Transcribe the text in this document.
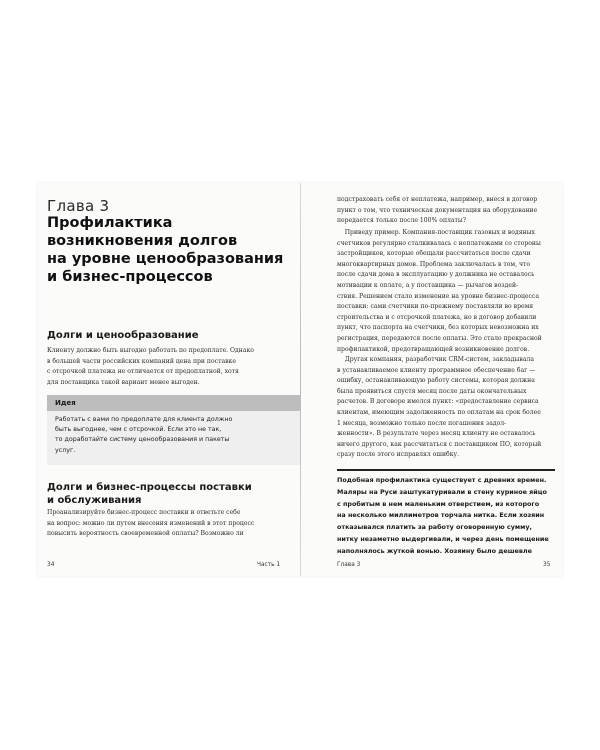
Глава 3
Профилактика
возникновения долгов
на уровне ценообразования
и бизнес-процессов
Долги и ценообразование
Клиенту должно быть выгодно работать по предоплате. Однако
в большей части российских компаний цена при поставке
с отсрочкой платежа не отличается от предоплатной, хотя
для поставщика такой вариант менее выгоден.
Идея
Работать с вами по предоплате для клиента должно
быть выгоднее, чем с отсрочкой. Если это не так,
то доработайте систему ценообразования и пакеты
услуг.
Долги и бизнес-процессы поставки
и обслуживания
Проанализируйте бизнес-процесс поставки и ответьте себе
на вопрос: можно ли путем внесения изменений в этот процесс
повысить вероятность своевременной оплаты? Возможно ли
34	Часть 1
подстраховать себя от неплатежа, например, внеся в договор
пункт о том, что техническая документация на оборудование
передается только после 100% оплаты?
Приведу пример. Компания-поставщик газовых и водяных
счетчиков регулярно сталкивалась с неплатежами со стороны
застройщиков, которые обещали рассчитаться после сдачи
многоквартирных домов. Проблема заключалась в том, что
после сдачи дома в эксплуатацию у должника не оставалось
мотивации к оплате, а у поставщика — рычагов воздей-
ствия. Решением стало изменение на уровне бизнес-процесса
поставки: сами счетчики по-прежнему поставляли во время
строительства и с отсрочкой платежа, но в договор добавили
пункт, что паспорта на счетчики, без которых невозможна их
регистрация, передаются после оплаты. Это стало прекрасной
профилактикой, предотвращающей возникновение долгов.
Другая компания, разработчик CRM-систем, закладывала
в устанавливаемое клиенту программное обеспечение баг —
ошибку, останавливающую работу системы, которая должна
была проявиться спустя месяц после даты окончательных
расчетов. В договоре имелся пункт: «предоставление сервиса
клиентам, имеющим задолженность по оплатам на срок более
1 месяца, возможно только после погашения задол-
женности». В результате через месяц клиенту не оставалось
ничего другого, как рассчитаться с поставщиком ПО, который
сразу после этого исправлял ошибку.
Подобная профилактика существует с древних времен.
Маляры на Руси заштукатуривали в стену куриное яйцо
с пробитым в нем маленьким отверстием, из которого
на несколько миллиметров торчала нитка. Если хозяин
отказывался платить за работу оговоренную сумму,
нитку незаметно выдергивали, и через день помещение
наполнялось жуткой вонью. Хозяину было дешевле
Глава 3	35
